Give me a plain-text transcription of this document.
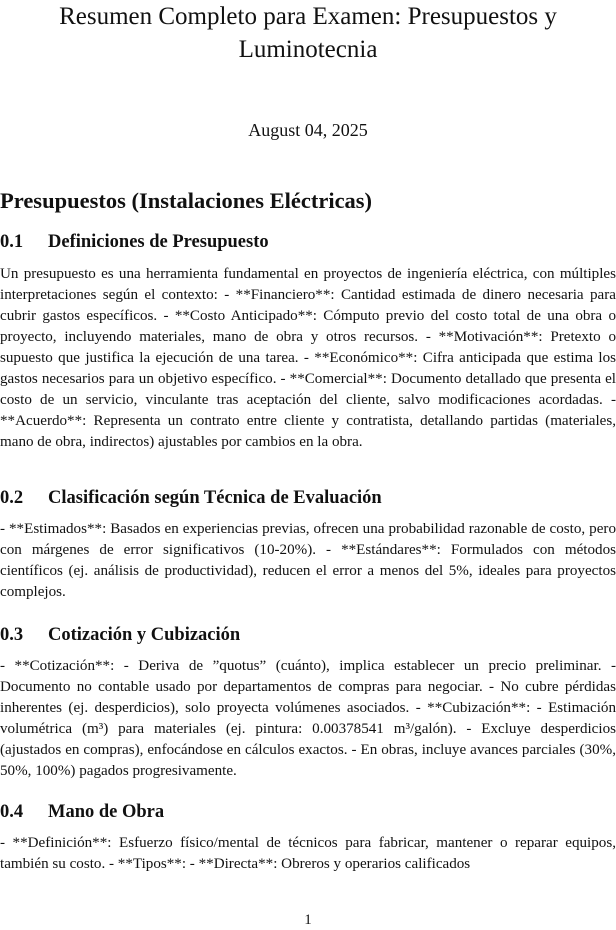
Resumen Completo para Examen: Presupuestos y Luminotecnia
August 04, 2025
Presupuestos (Instalaciones Eléctricas)
0.1 Definiciones de Presupuesto
Un presupuesto es una herramienta fundamental en proyectos de ingeniería eléctrica, con múltiples interpretaciones según el contexto: - **Financiero**: Cantidad estimada de dinero necesaria para cubrir gastos específicos. - **Costo Anticipado**: Cómputo previo del costo total de una obra o proyecto, incluyendo materiales, mano de obra y otros recursos. - **Motivación**: Pretexto o supuesto que justifica la ejecución de una tarea. - **Económico**: Cifra anticipada que estima los gastos necesarios para un objetivo específico. - **Comercial**: Documento detallado que presenta el costo de un servicio, vinculante tras aceptación del cliente, salvo modificaciones acordadas. - **Acuerdo**: Representa un contrato entre cliente y contratista, detallando partidas (materiales, mano de obra, indirectos) ajustables por cambios en la obra.
0.2 Clasificación según Técnica de Evaluación
- **Estimados**: Basados en experiencias previas, ofrecen una probabilidad razonable de costo, pero con márgenes de error significativos (10-20%). - **Estándares**: Formulados con métodos científicos (ej. análisis de productividad), reducen el error a menos del 5%, ideales para proyectos complejos.
0.3 Cotización y Cubización
- **Cotización**: - Deriva de ”quotus” (cuánto), implica establecer un precio preliminar. - Documento no contable usado por departamentos de compras para negociar. - No cubre pérdidas inherentes (ej. desperdicios), solo proyecta volúmenes asociados. - **Cubización**: - Estimación volumétrica (m³) para materiales (ej. pintura: 0.00378541 m³/galón). - Excluye desperdicios (ajustados en compras), enfocándose en cálculos exactos. - En obras, incluye avances parciales (30%, 50%, 100%) pagados progresivamente.
0.4 Mano de Obra
- **Definición**: Esfuerzo físico/mental de técnicos para fabricar, mantener o reparar equipos, también su costo. - **Tipos**: - **Directa**: Obreros y operarios calificados
1
